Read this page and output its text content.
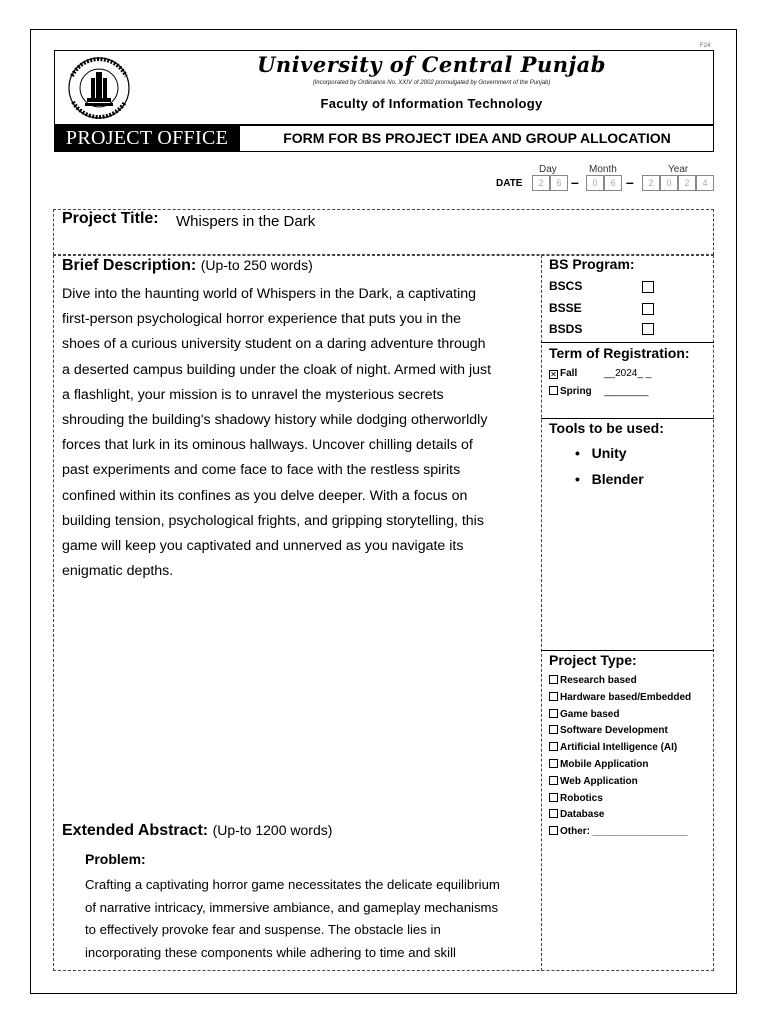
F24
University of Central Punjab
(Incorporated by Ordinance No. XXIV of 2002 promulgated by Government of the Punjab)
Faculty of Information Technology
PROJECT OFFICE	FORM FOR BS PROJECT IDEA AND GROUP ALLOCATION
Day	Month	Year
DATE	2	6 –	0	6 –	2	0	2	4
Project Title: Whispers in the Dark
Brief Description: (Up-to 250 words)
Dive into the haunting world of Whispers in the Dark, a captivating
first-person psychological horror experience that puts you in the
shoes of a curious university student on a daring adventure through
a deserted campus building under the cloak of night. Armed with just
a flashlight, your mission is to unravel the mysterious secrets
shrouding the building's shadowy history while dodging otherworldly
forces that lurk in its ominous hallways. Uncover chilling details of
past experiments and come face to face with the restless spirits
confined within its confines as you delve deeper. With a focus on
building tension, psychological frights, and gripping storytelling, this
game will keep you captivated and unnerved as you navigate its
enigmatic depths.
Extended Abstract: (Up-to 1200 words)
Problem:
Crafting a captivating horror game necessitates the delicate equilibrium
of narrative intricacy, immersive ambiance, and gameplay mechanisms
to effectively provoke fear and suspense. The obstacle lies in
incorporating these components while adhering to time and skill
BS Program:
BSCS
BSSE
BSDS
Term of Registration:
✕ Fall	__2024_ _
Spring ________
Tools to be used:
• Unity
• Blender
Project Type:
Research based
Hardware based/Embedded
Game based
Software Development
Artificial Intelligence (AI)
Mobile Application
Web Application
Robotics
Database
Other: _________________
